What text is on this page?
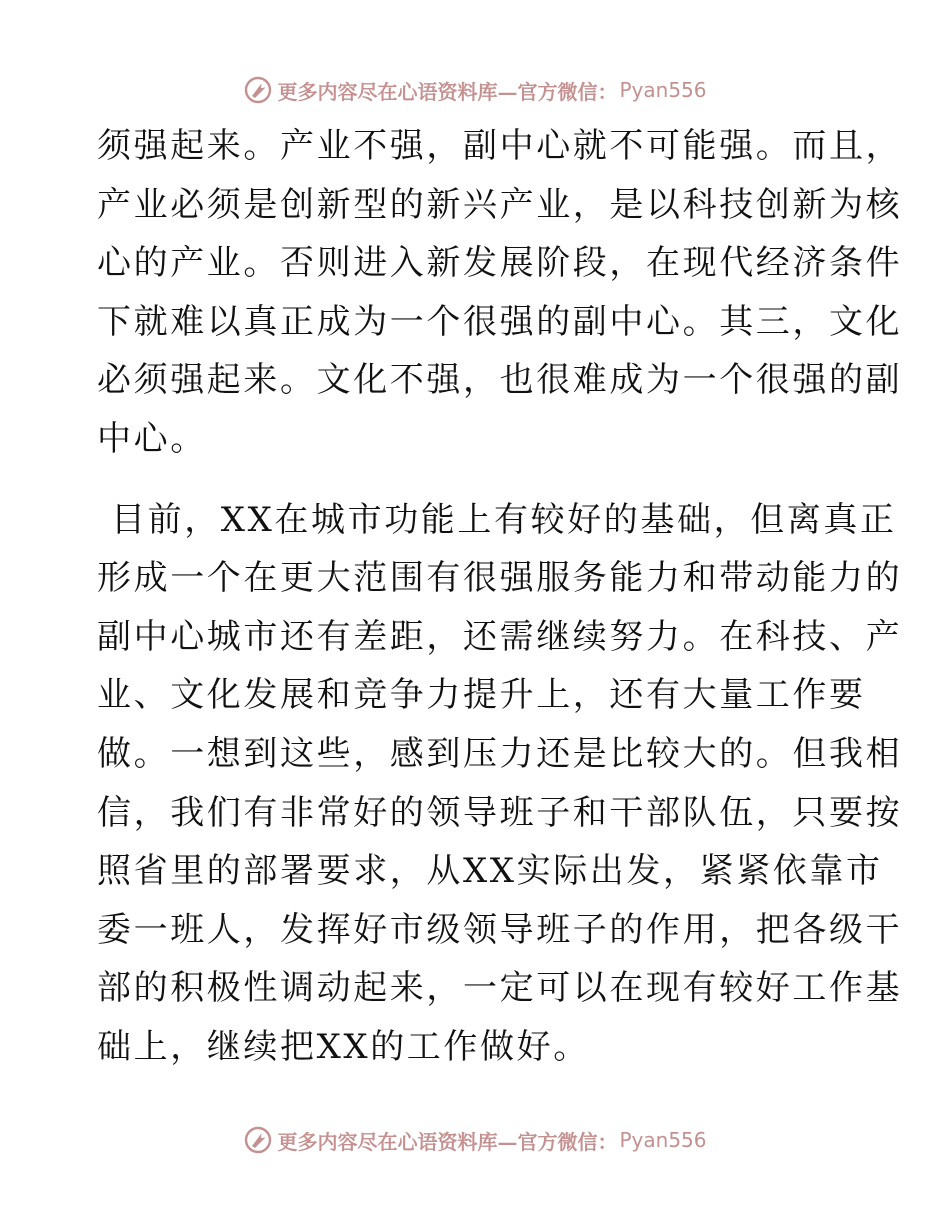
更多内容尽在心语资料库—官方微信： Pyan556
须强起来。产业不强，副中心就不可能强。而且，
产业必须是创新型的新兴产业，是以科技创新为核
心的产业。否则进入新发展阶段，在现代经济条件
下就难以真正成为一个很强的副中心。其三，文化
必须强起来。文化不强，也很难成为一个很强的副
中心。
目前，XX在城市功能上有较好的基础，但离真正
形成一个在更大范围有很强服务能力和带动能力的
副中心城市还有差距，还需继续努力。在科技、产
业、文化发展和竞争力提升上，还有大量工作要
做。一想到这些，感到压力还是比较大的。但我相
信，我们有非常好的领导班子和干部队伍，只要按
照省里的部署要求，从XX实际出发，紧紧依靠市
委一班人，发挥好市级领导班子的作用，把各级干
部的积极性调动起来，一定可以在现有较好工作基
础上，继续把XX的工作做好。
更多内容尽在心语资料库—官方微信： Pyan556
